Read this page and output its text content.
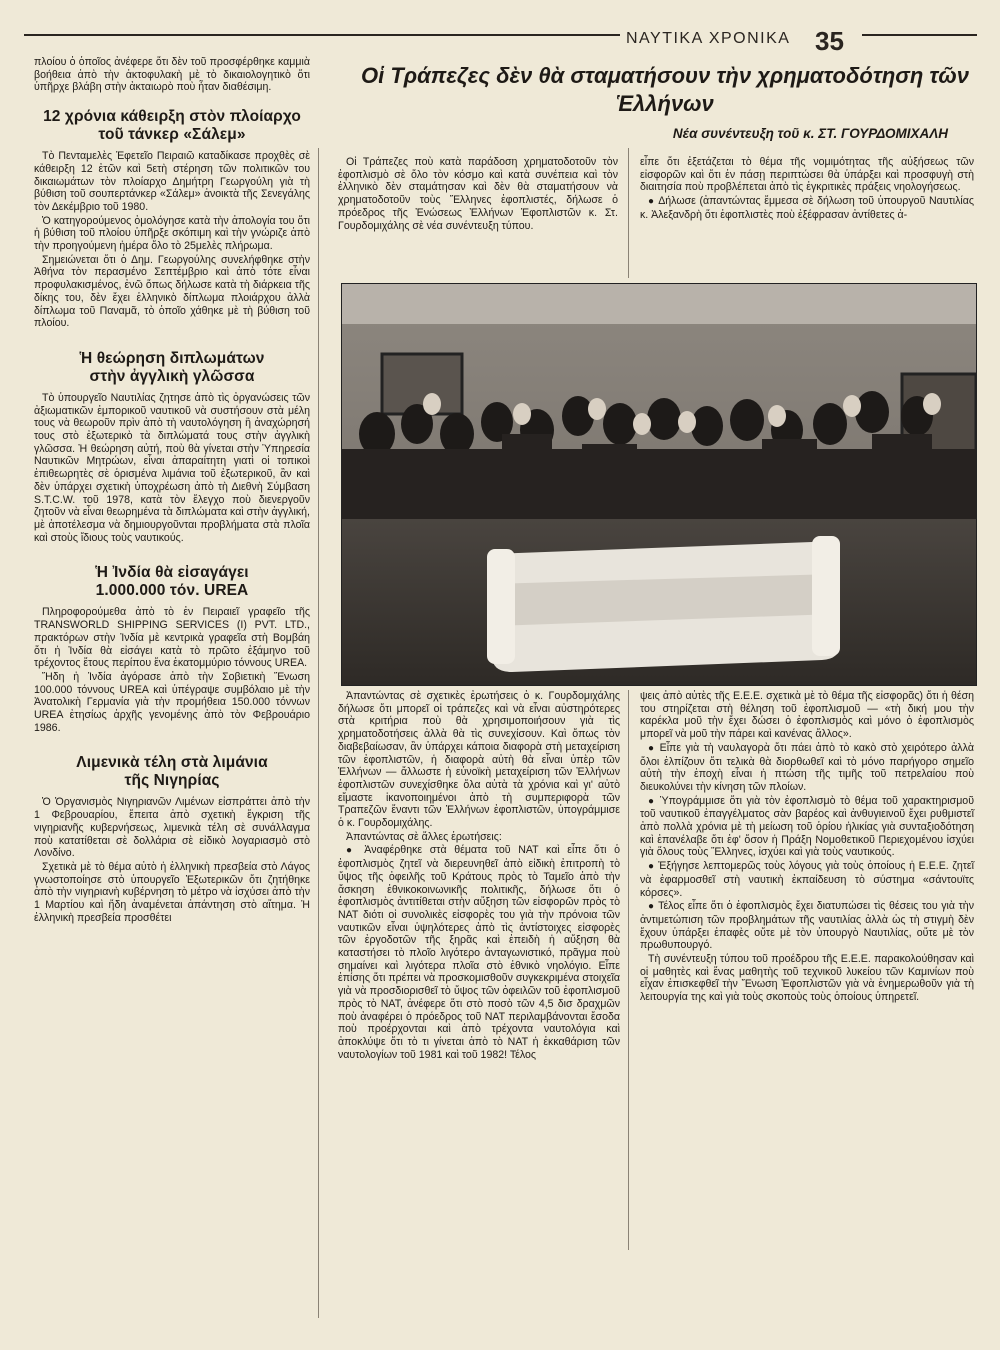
ΝΑΥΤΙΚΑ ΧΡΟΝΙΚΑ 35

πλοίου ὁ ὁποῖος ἀνέφερε ὅτι δὲν τοῦ προσφέρθηκε καμμιὰ βοήθεια ἀπὸ τὴν ἀκτοφυλακὴ μὲ τὸ δικαιολογητικὸ ὅτι ὑπῆρχε βλάβη στὴν ἀκταιωρὸ ποὺ ἦταν διαθέσιμη.

12 χρόνια κάθειρξη στὸν πλοίαρχο τοῦ τάνκερ «Σάλεμ»

Τὸ Πενταμελὲς Ἐφετεῖο Πειραιῶ καταδίκασε προχθὲς σὲ κάθειρξη 12 ἐτῶν καὶ 5ετὴ στέρηση τῶν πολιτικῶν του δικαιωμάτων τὸν πλοίαρχο Δημήτρη Γεωργούλη γιὰ τὴ βύθιση τοῦ σουπερτάνκερ «Σάλεμ» ἀνοικτὰ τῆς Σενεγάλης τὸν Δεκέμβριο τοῦ 1980.

Ὁ κατηγορούμενος ὁμολόγησε κατὰ τὴν ἀπολογία του ὅτι ἡ βύθιση τοῦ πλοίου ὑπῆρξε σκόπιμη καὶ τὴν γνώριζε ἀπὸ τὴν προηγούμενη ἡμέρα ὅλο τὸ 25μελὲς πλήρωμα.

Σημειώνεται ὅτι ὁ Δημ. Γεωργούλης συνελήφθηκε στὴν Ἀθήνα τὸν περασμένο Σεπτέμβριο καὶ ἀπὸ τότε εἶναι προφυλακισμένος, ἐνῶ ὅπως δήλωσε κατὰ τὴ διάρκεια τῆς δίκης του, δὲν ἔχει ἑλληνικὸ δίπλωμα πλοιάρχου ἀλλὰ δίπλωμα τοῦ Παναμᾶ, τὸ ὁποῖο χάθηκε μὲ τὴ βύθιση τοῦ πλοίου.

Ἡ θεώρηση διπλωμάτων στὴν ἀγγλικὴ γλῶσσα

Τὸ ὑπουργεῖο Ναυτιλίας ζητησε ἀπὸ τὶς ὀργανώσεις τῶν ἀξιωματικῶν ἐμπορικοῦ ναυτικοῦ νὰ συστήσουν στὰ μέλη τους νὰ θεωροῦν πρὶν ἀπὸ τὴ ναυτολόγηση ἢ ἀναχώρησή τους στὸ ἐξωτερικὸ τὰ διπλώματά τους στὴν ἀγγλικὴ γλῶσσα. Ἡ θεώρηση αὐτή, ποὺ θὰ γίνεται στὴν Ὑπηρεσία Ναυτικῶν Μητρώων, εἶναι ἀπαραίτητη γιατὶ οἱ τοπικοὶ ἐπιθεωρητὲς σὲ ὁρισμένα λιμάνια τοῦ ἐξωτερικοῦ, ἂν καὶ δὲν ὑπάρχει σχετικὴ ὑποχρέωση ἀπὸ τὴ Διεθνὴ Σύμβαση S.T.C.W. τοῦ 1978, κατὰ τὸν ἔλεγχο ποὺ διενεργοῦν ζητοῦν νὰ εἶναι θεωρημένα τὰ διπλώματα καὶ στὴν ἀγγλική, μὲ ἀποτέλεσμα νὰ δημιουργοῦνται προβλήματα στὰ πλοῖα καὶ στοὺς ἴδιους τοὺς ναυτικούς.

Ἡ Ἰνδία θὰ εἰσαγάγει 1.000.000 τόν. UREA

Πληροφορούμεθα ἀπὸ τὸ ἐν Πειραιεῖ γραφεῖο τῆς TRANSWORLD SHIPPING SERVICES (I) PVT. LTD., πρακτόρων στὴν Ἰνδία μὲ κεντρικὰ γραφεῖα στὴ Βομβάη ὅτι ἡ Ἰνδία θὰ εἰσάγει κατὰ τὸ πρῶτο ἑξάμηνο τοῦ τρέχοντος ἔτους περίπου ἕνα ἑκατομμύριο τόννους UREA.

Ἤδη ἡ Ἰνδία ἀγόρασε ἀπὸ τὴν Σοβιετικὴ Ἕνωση 100.000 τόννους UREA καὶ ὑπέγραψε συμβόλαιο μὲ τὴν Ἀνατολικὴ Γερμανία γιὰ τὴν προμήθεια 150.000 τόννων UREA ἐτησίως ἀρχῆς γενομένης ἀπὸ τὸν Φεβρουάριο 1986.

Λιμενικὰ τέλη στὰ λιμάνια τῆς Νιγηρίας

Ὁ Ὀργανισμὸς Νιγηριανῶν Λιμένων εἰσπράττει ἀπὸ τὴν 1 Φεβρουαρίου, ἔπειτα ἀπὸ σχετικὴ ἔγκριση τῆς νιγηριανῆς κυβερνήσεως, λιμενικὰ τέλη σὲ συνάλλαγμα ποὺ κατατίθεται σὲ δολλάρια σὲ εἰδικὸ λογαριασμὸ στὸ Λονδίνο.

Σχετικὰ μὲ τὸ θέμα αὐτὸ ἡ ἑλληνικὴ πρεσβεία στὸ Λάγος γνωστοποίησε στὸ ὑπουργεῖο Ἐξωτερικῶν ὅτι ζητήθηκε ἀπὸ τὴν νιγηριανὴ κυβέρνηση τὸ μέτρο νὰ ἰσχύσει ἀπὸ τὴν 1 Μαρτίου καὶ ἤδη ἀναμένεται ἀπάντηση στὸ αἴτημα. Ἡ ἑλληνικὴ πρεσβεία προσθέτει

Οἱ Τράπεζες δὲν θὰ σταματήσουν τὴν χρηματοδότηση τῶν Ἑλλήνων
Νέα συνέντευξη τοῦ κ. ΣΤ. ΓΟΥΡΔΟΜΙΧΑΛΗ

Οἱ Τράπεζες ποὺ κατὰ παράδοση χρηματοδοτοῦν τὸν ἐφοπλισμὸ σὲ ὅλο τὸν κόσμο καὶ κατὰ συνέπεια καὶ τὸν ἑλληνικὸ δὲν σταμάτησαν καὶ δὲν θὰ σταματήσουν νὰ χρηματοδοτοῦν τοὺς Ἕλληνες ἐφοπλιστές, δήλωσε ὁ πρόεδρος τῆς Ἑνώσεως Ἑλλήνων Ἐφοπλιστῶν κ. Στ. Γουρδομιχάλης σὲ νέα συνέντευξη τύπου.

εἶπε ὅτι ἐξετάζεται τὸ θέμα τῆς νομιμότητας τῆς αὐξήσεως τῶν εἰσφορῶν καὶ ὅτι ἐν πάσῃ περιπτώσει θὰ ὑπάρξει καὶ προσφυγὴ στὴ διαιτησία ποὺ προβλέπεται ἀπὸ τὶς ἐγκριτικὲς πράξεις νηολογήσεως.

● Δήλωσε (ἀπαντώντας ἔμμεσα σὲ δήλωση τοῦ ὑπουργοῦ Ναυτιλίας κ. Ἀλεξανδρὴ ὅτι ἐφοπλιστὲς ποὺ ἐξέφρασαν ἀντίθετες ἀ-

Ἀπαντώντας σὲ σχετικὲς ἐρωτήσεις ὁ κ. Γουρδομιχάλης δήλωσε ὅτι μπορεῖ οἱ τράπεζες καὶ νὰ εἶναι αὐστηρότερες στὰ κριτήρια ποὺ θὰ χρησιμοποιήσουν γιὰ τὶς χρηματοδοτήσεις ἀλλὰ θὰ τὶς συνεχίσουν. Καὶ ὅπως τὸν διαβεβαίωσαν, ἂν ὑπάρχει κάποια διαφορὰ στὴ μεταχείριση τῶν ἐφοπλιστῶν, ἡ διαφορὰ αὐτὴ θὰ εἶναι ὑπὲρ τῶν Ἑλλήνων — ἄλλωστε ἡ εὐνοϊκὴ μεταχείριση τῶν Ἑλλήνων ἐφοπλιστῶν συνεχίσθηκε ὅλα αὐτὰ τὰ χρόνια καὶ γι' αὐτὸ εἴμαστε ἱκανοποιημένοι ἀπὸ τὴ συμπεριφορὰ τῶν Τραπεζῶν ἔναντι τῶν Ἑλλήνων ἐφοπλιστῶν, ὑπογράμμισε ὁ κ. Γουρδομιχάλης.

Ἀπαντώντας σὲ ἄλλες ἐρωτήσεις:

● Ἀναφέρθηκε στὰ θέματα τοῦ ΝΑΤ καὶ εἶπε ὅτι ὁ ἐφοπλισμὸς ζητεῖ νὰ διερευνηθεῖ ἀπὸ εἰδικὴ ἐπιτροπὴ τὸ ὕψος τῆς ὀφειλῆς τοῦ Κράτους πρὸς τὸ Ταμεῖο ἀπὸ τὴν ἄσκηση ἐθνικοκοινωνικῆς πολιτικῆς, δήλωσε ὅτι ὁ ἐφοπλισμὸς ἀντιτίθεται στὴν αὔξηση τῶν εἰσφορῶν πρὸς τὸ ΝΑΤ διότι οἱ συνολικὲς εἰσφορὲς του γιὰ τὴν πρόνοια τῶν ναυτικῶν εἶναι ὑψηλότερες ἀπὸ τὶς ἀντίστοιχες εἰσφορὲς τῶν ἐργοδοτῶν τῆς ξηρᾶς καὶ ἐπειδὴ ἡ αὔξηση θὰ καταστήσει τὸ πλοῖο λιγότερο ἀνταγωνιστικό, πρᾶγμα ποὺ σημαίνει καὶ λιγότερα πλοῖα στὸ ἐθνικὸ νηολόγιο. Εἶπε ἐπίσης ὅτι πρέπει νὰ προσκομισθοῦν συγκεκριμένα στοιχεῖα γιὰ νὰ προσδιορισθεῖ τὸ ὕψος τῶν ὀφειλῶν τοῦ ἐφοπλισμοῦ πρὸς τὸ ΝΑΤ, ἀνέφερε ὅτι στὸ ποσὸ τῶν 4,5 δισ δραχμῶν ποὺ ἀναφέρει ὁ πρόεδρος τοῦ ΝΑΤ περιλαμβάνονται ἔσοδα ποὺ προέρχονται καὶ ἀπὸ τρέχοντα ναυτολόγια καὶ ἀποκλύψε ὅτι τὸ τι γίνεται ἀπὸ τὸ ΝΑΤ ἡ ἐκκαθάριση τῶν ναυτολογίων τοῦ 1981 καὶ τοῦ 1982! Τέλος

ψεις ἀπὸ αὐτὲς τῆς Ε.Ε.Ε. σχετικὰ μὲ τὸ θέμα τῆς εἰσφορᾶς) ὅτι ἡ θέση του στηρίζεται στὴ θέληση τοῦ ἐφοπλισμοῦ — «τὴ δική μου τὴν καρέκλα μοῦ τὴν ἔχει δώσει ὁ ἐφοπλισμὸς καὶ μόνο ὁ ἐφοπλισμὸς μπορεῖ νὰ μοῦ τὴν πάρει καὶ κανένας ἄλλος».

● Εἶπε γιὰ τὴ ναυλαγορὰ ὅτι πάει ἀπὸ τὸ κακὸ στὸ χειρότερο ἀλλὰ ὅλοι ἐλπίζουν ὅτι τελικὰ θὰ διορθωθεῖ καὶ τὸ μόνο παρήγορο σημεῖο αὐτὴ τὴν ἐποχὴ εἶναι ἡ πτώση τῆς τιμῆς τοῦ πετρελαίου ποὺ διευκολύνει τὴν κίνηση τῶν πλοίων.

● Ὑπογράμμισε ὅτι γιὰ τὸν ἐφοπλισμὸ τὸ θέμα τοῦ χαρακτηρισμοῦ τοῦ ναυτικοῦ ἐπαγγέλματος σὰν βαρέος καὶ ἀνθυγιεινοῦ ἔχει ρυθμιστεῖ ἀπὸ πολλὰ χρόνια μὲ τὴ μείωση τοῦ ὁρίου ἡλικίας γιὰ συνταξιοδότηση καὶ ἐπανέλαβε ὅτι ἐφ' ὅσον ἡ Πράξη Νομοθετικοῦ Περιεχομένου ἰσχύει γιὰ ὅλους τοὺς Ἕλληνες, ἰσχύει καὶ γιὰ τοὺς ναυτικούς.

● Ἐξήγησε λεπτομερῶς τοὺς λόγους γιὰ τοὺς ὁποίους ἡ Ε.Ε.Ε. ζητεῖ νὰ ἐφαρμοσθεῖ στὴ ναυτικὴ ἐκπαίδευση τὸ σύστημα «σάντουϊτς κόρσες».

● Τέλος εἶπε ὅτι ὁ ἐφοπλισμὸς ἔχει διατυπώσει τὶς θέσεις του γιὰ τὴν ἀντιμετώπιση τῶν προβλημάτων τῆς ναυτιλίας ἀλλὰ ὡς τὴ στιγμὴ δὲν ἔχουν ὑπάρξει ἐπαφὲς οὔτε μὲ τὸν ὑπουργὸ Ναυτιλίας, οὔτε μὲ τὸν πρωθυπουργό.

Τὴ συνέντευξη τύπου τοῦ προέδρου τῆς Ε.Ε.Ε. παρακολούθησαν καὶ οἱ μαθητὲς καὶ ἕνας μαθητὴς τοῦ τεχνικοῦ λυκείου τῶν Καμινίων ποὺ εἶχαν ἐπισκεφθεῖ τὴν Ἕνωση Ἐφοπλιστῶν γιὰ νὰ ἐνημερωθοῦν γιὰ τὴ λειτουργία της καὶ γιὰ τοὺς σκοποὺς τοὺς ὁποίους ὑπηρετεῖ.
